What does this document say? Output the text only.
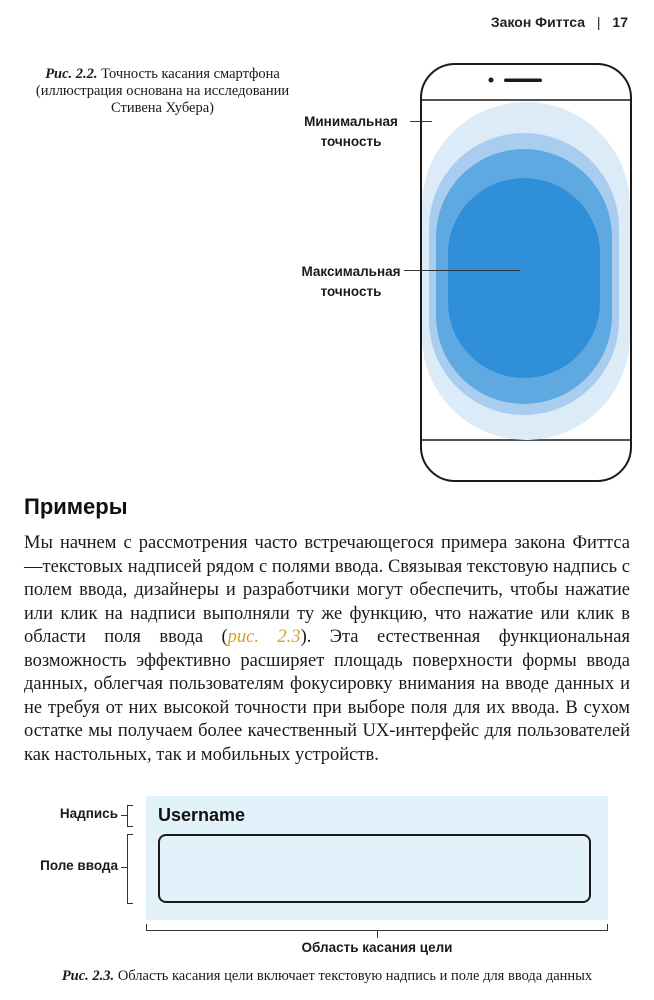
Закон Фиттса | 17
Рис. 2.2. Точность касания смартфона (иллюстрация основана на исследовании Стивена Хубера)
Минимальная
точность
Максимальная
точность
Примеры
Мы начнем с рассмотрения часто встречающегося примера закона Фиттса —текстовых надписей рядом с полями ввода. Связывая текстовую надпись с полем ввода, дизайнеры и разработчики могут обеспечить, чтобы нажатие или клик на надписи выполняли ту же функцию, что нажатие или клик в области поля ввода (рис. 2.3). Эта естественная функциональная возможность эффективно расширяет площадь поверхности формы ввода данных, облегчая пользователям фокусировку внимания на вводе данных и не требуя от них высокой точности при выборе поля для их ввода. В сухом остатке мы получаем более качественный UX-интерфейс для пользователей как настольных, так и мобильных устройств.
Username
Надпись
Поле ввода
Область касания цели
Рис. 2.3. Область касания цели включает текстовую надпись и поле для ввода данных
